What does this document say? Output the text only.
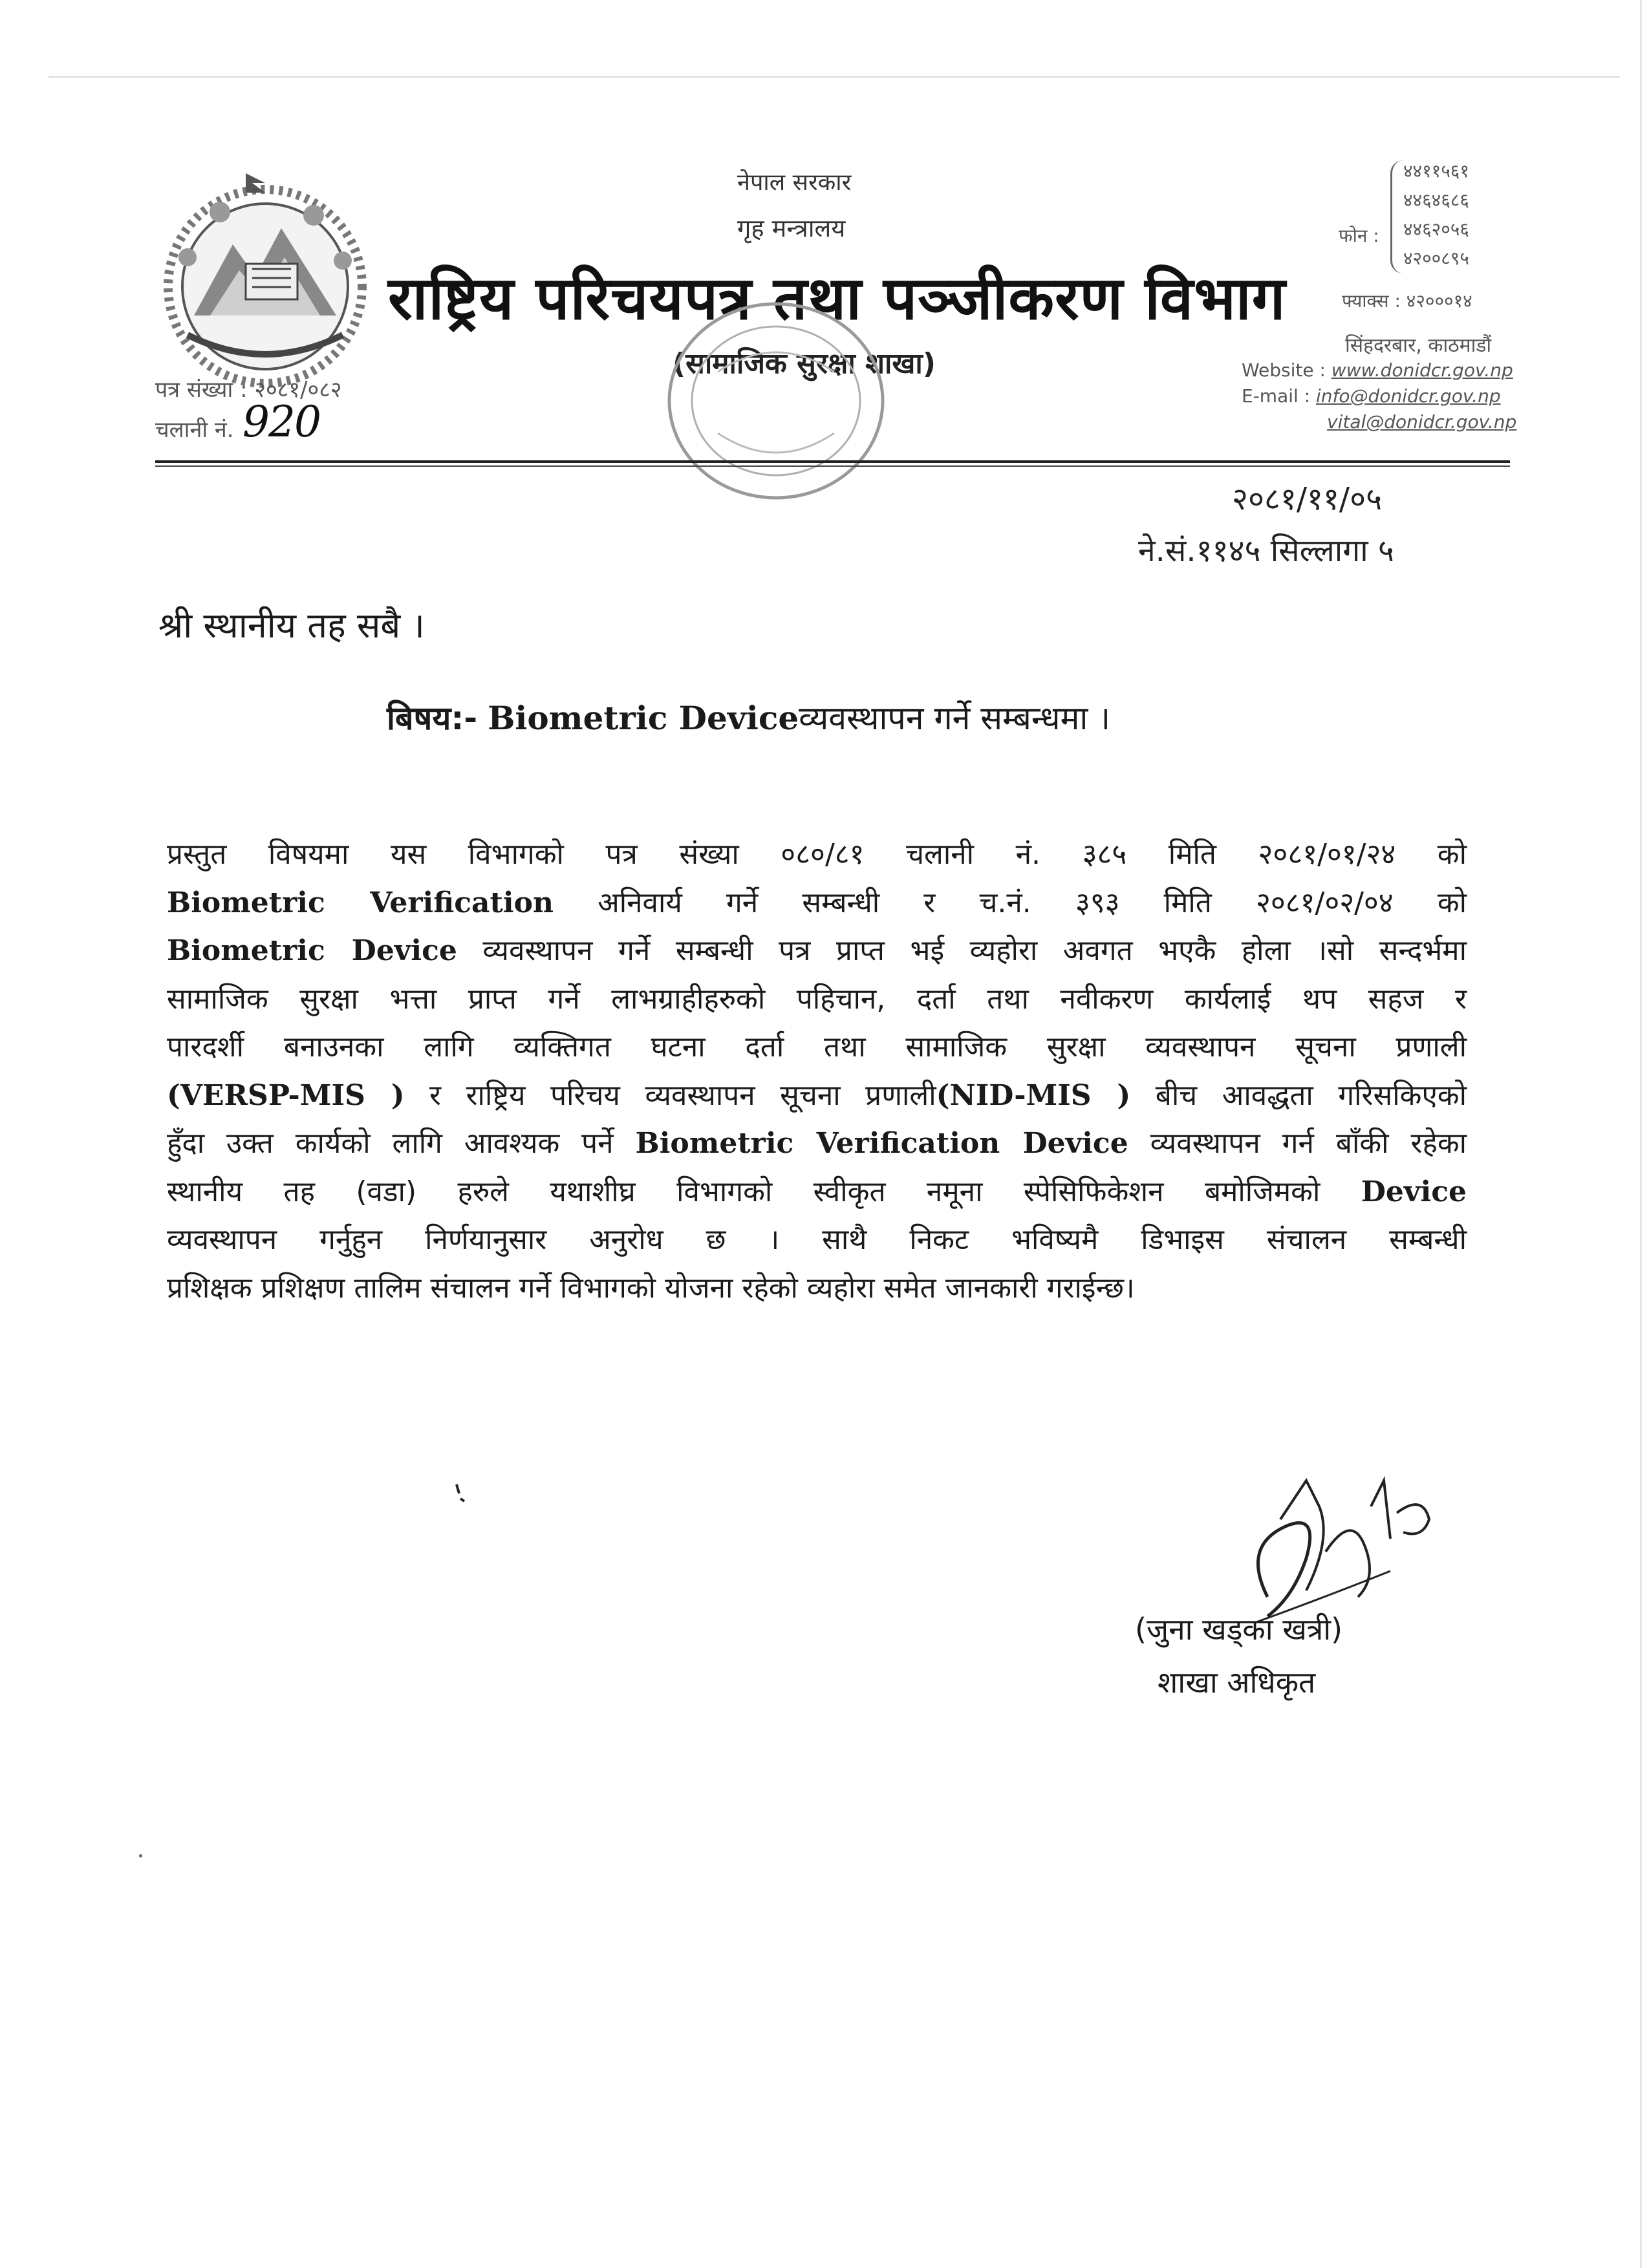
नेपाल सरकार
गृह मन्त्रालय
राष्ट्रिय परिचयपत्र तथा पञ्जीकरण विभाग
(सामाजिक सुरक्षा शाखा)
पत्र संख्या : २०८१/०८२
चलानी नं. 920
४४११५६१
४४६४६८६
४४६२०५६
४२००८९५
फोन :
फ्याक्स : ४२०००१४
सिंहदरबार, काठमाडौं
Website : www.donidcr.gov.np
E-mail : info@donidcr.gov.np
vital@donidcr.gov.np
२०८१/११/०५
ने.सं.११४५ सिल्लागा ५
श्री स्थानीय तह सबै ।
बिषय:- Biometric Deviceव्यवस्थापन गर्ने सम्बन्धमा ।
प्रस्तुत विषयमा यस विभागको पत्र संख्या ०८०/८१ चलानी नं. ३८५ मिति २०८१/०१/२४ को
Biometric Verification अनिवार्य गर्ने सम्बन्धी र च.नं. ३९३ मिति २०८१/०२/०४ को
Biometric Device व्यवस्थापन गर्ने सम्बन्धी पत्र प्राप्त भई व्यहोरा अवगत भएकै होला ।सो सन्दर्भमा
सामाजिक सुरक्षा भत्ता प्राप्त गर्ने लाभग्राहीहरुको पहिचान, दर्ता तथा नवीकरण कार्यलाई थप सहज र
पारदर्शी बनाउनका लागि व्यक्तिगत घटना दर्ता तथा सामाजिक सुरक्षा व्यवस्थापन सूचना प्रणाली
(VERSP-MIS ) र राष्ट्रिय परिचय व्यवस्थापन सूचना प्रणाली(NID-MIS ) बीच आवद्धता गरिसकिएको
हुँदा उक्त कार्यको लागि आवश्यक पर्ने Biometric Verification Device व्यवस्थापन गर्न बाँकी रहेका
स्थानीय तह (वडा) हरुले यथाशीघ्र विभागको स्वीकृत नमूना स्पेसिफिकेशन बमोजिमको Device
व्यवस्थापन गर्नुहुन निर्णयानुसार अनुरोध छ । साथै निकट भविष्यमै डिभाइस संचालन सम्बन्धी
प्रशिक्षक प्रशिक्षण तालिम संचालन गर्ने विभागको योजना रहेको व्यहोरा समेत जानकारी गराईन्छ।
(जुना खड्का खत्री)
शाखा अधिकृत
